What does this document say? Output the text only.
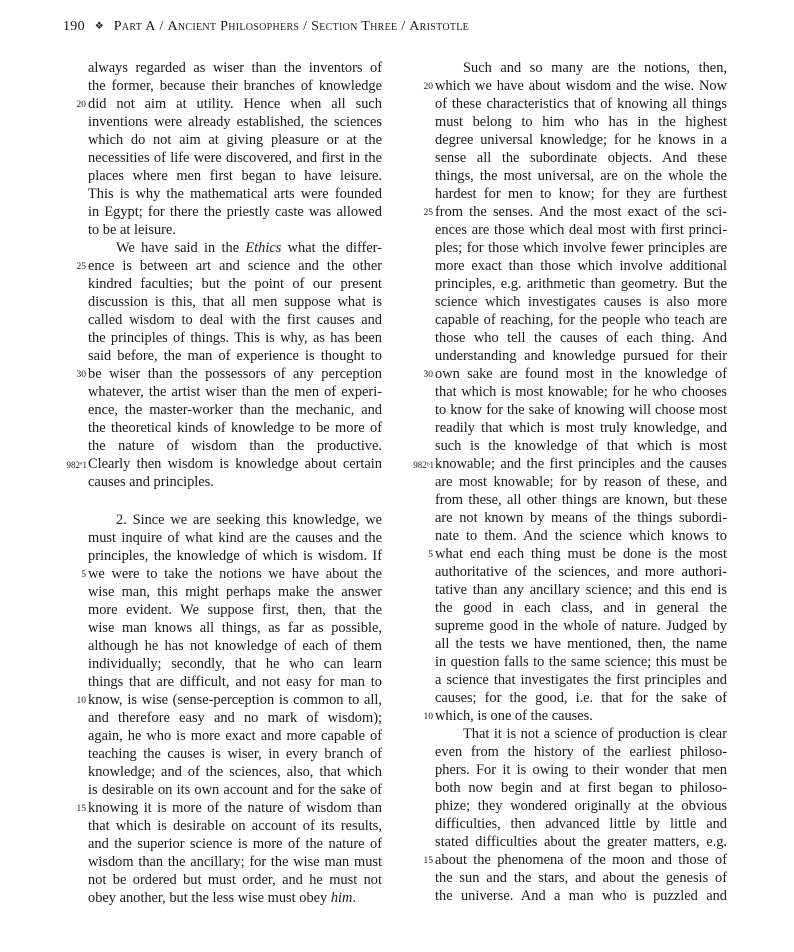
190 ❖ Part A / Ancient Philosophers / Section Three / Aristotle
always regarded as wiser than the inventors of
the former, because their branches of knowledge
20 did not aim at utility. Hence when all such
inventions were already established, the sciences
which do not aim at giving pleasure or at the
necessities of life were discovered, and first in the
places where men first began to have leisure.
This is why the mathematical arts were founded
in Egypt; for there the priestly caste was allowed
to be at leisure.
We have said in the Ethics what the differ-
25 ence is between art and science and the other
kindred faculties; but the point of our present
discussion is this, that all men suppose what is
called wisdom to deal with the first causes and
the principles of things. This is why, as has been
said before, the man of experience is thought to
30 be wiser than the possessors of any perception
whatever, the artist wiser than the men of experi-
ence, the master-worker than the mechanic, and
the theoretical kinds of knowledge to be more of
the nature of wisdom than the productive.
982ª1 Clearly then wisdom is knowledge about certain
causes and principles.
2. Since we are seeking this knowledge, we
must inquire of what kind are the causes and the
principles, the knowledge of which is wisdom. If
5 we were to take the notions we have about the
wise man, this might perhaps make the answer
more evident. We suppose first, then, that the
wise man knows all things, as far as possible,
although he has not knowledge of each of them
individually; secondly, that he who can learn
things that are difficult, and not easy for man to
10 know, is wise (sense-perception is common to all,
and therefore easy and no mark of wisdom);
again, he who is more exact and more capable of
teaching the causes is wiser, in every branch of
knowledge; and of the sciences, also, that which
is desirable on its own account and for the sake of
15 knowing it is more of the nature of wisdom than
that which is desirable on account of its results,
and the superior science is more of the nature of
wisdom than the ancillary; for the wise man must
not be ordered but must order, and he must not
obey another, but the less wise must obey him.
Such and so many are the notions, then,
20 which we have about wisdom and the wise. Now
of these characteristics that of knowing all things
must belong to him who has in the highest
degree universal knowledge; for he knows in a
sense all the subordinate objects. And these
things, the most universal, are on the whole the
hardest for men to know; for they are furthest
25 from the senses. And the most exact of the sci-
ences are those which deal most with first princi-
ples; for those which involve fewer principles are
more exact than those which involve additional
principles, e.g. arithmetic than geometry. But the
science which investigates causes is also more
capable of reaching, for the people who teach are
those who tell the causes of each thing. And
understanding and knowledge pursued for their
30 own sake are found most in the knowledge of
that which is most knowable; for he who chooses
to know for the sake of knowing will choose most
readily that which is most truly knowledge, and
such is the knowledge of that which is most
982ᵇ1 knowable; and the first principles and the causes
are most knowable; for by reason of these, and
from these, all other things are known, but these
are not known by means of the things subordi-
nate to them. And the science which knows to
5 what end each thing must be done is the most
authoritative of the sciences, and more authori-
tative than any ancillary science; and this end is
the good in each class, and in general the
supreme good in the whole of nature. Judged by
all the tests we have mentioned, then, the name
in question falls to the same science; this must be
a science that investigates the first principles and
causes; for the good, i.e. that for the sake of
10 which, is one of the causes.
That it is not a science of production is clear
even from the history of the earliest philoso-
phers. For it is owing to their wonder that men
both now begin and at first began to philoso-
phize; they wondered originally at the obvious
difficulties, then advanced little by little and
stated difficulties about the greater matters, e.g.
15 about the phenomena of the moon and those of
the sun and the stars, and about the genesis of
the universe. And a man who is puzzled and
